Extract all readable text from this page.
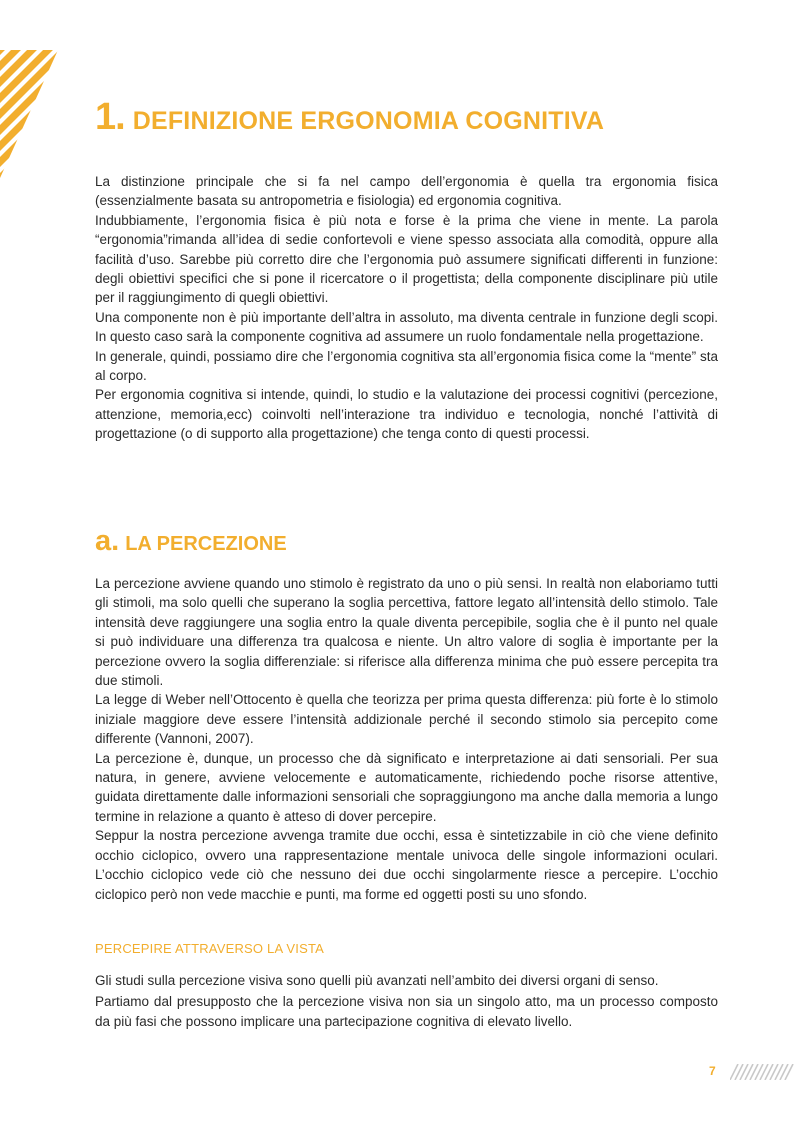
1. DEFINIZIONE ERGONOMIA COGNITIVA

La distinzione principale che si fa nel campo dell’ergonomia è quella tra ergonomia fisica (essenzialmente basata su antropometria e fisiologia) ed ergonomia cognitiva.

Indubbiamente, l’ergonomia fisica è più nota e forse è la prima che viene in mente. La parola “ergonomia”rimanda all’idea di sedie confortevoli e viene spesso associata alla comodità, oppure alla facilità d’uso. Sarebbe più corretto dire che l’ergonomia può assumere significati differenti in funzione: degli obiettivi specifici che si pone il ricercatore o il progettista; della componente disciplinare più utile per il raggiungimento di quegli obiettivi.

Una componente non è più importante dell’altra in assoluto, ma diventa centrale in funzione degli scopi. In questo caso sarà la componente cognitiva ad assumere un ruolo fondamentale nella progettazione.

In generale, quindi, possiamo dire che l’ergonomia cognitiva sta all’ergonomia fisica come la “mente” sta al corpo.

Per ergonomia cognitiva si intende, quindi, lo studio e la valutazione dei processi cognitivi (percezione, attenzione, memoria,ecc) coinvolti nell’interazione tra individuo e tecnologia, nonché l’attività di progettazione (o di supporto alla progettazione) che tenga conto di questi processi.

a. LA PERCEZIONE

La percezione avviene quando uno stimolo è registrato da uno o più sensi. In realtà non elaboriamo tutti gli stimoli, ma solo quelli che superano la soglia percettiva, fattore legato all’intensità dello stimolo. Tale intensità deve raggiungere una soglia entro la quale diventa percepibile, soglia che è il punto nel quale si può individuare una differenza tra qualcosa e niente. Un altro valore di soglia è importante per la percezione ovvero la soglia differenziale: si riferisce alla differenza minima che può essere percepita tra due stimoli.

La legge di Weber nell’Ottocento è quella che teorizza per prima questa differenza: più forte è lo stimolo iniziale maggiore deve essere l’intensità addizionale perché il secondo stimolo sia percepito come differente (Vannoni, 2007).

La percezione è, dunque, un processo che dà significato e interpretazione ai dati sensoriali. Per sua natura, in genere, avviene velocemente e automaticamente, richiedendo poche risorse attentive, guidata direttamente dalle informazioni sensoriali che sopraggiungono ma anche dalla memoria a lungo termine in relazione a quanto è atteso di dover percepire.

Seppur la nostra percezione avvenga tramite due occhi, essa è sintetizzabile in ciò che viene definito occhio ciclopico, ovvero una rappresentazione mentale univoca delle singole informazioni oculari. L’occhio ciclopico vede ciò che nessuno dei due occhi singolarmente riesce a percepire. L’occhio ciclopico però non vede macchie e punti, ma forme ed oggetti posti su uno sfondo.

PERCEPIRE ATTRAVERSO LA VISTA

Gli studi sulla percezione visiva sono quelli più avanzati nell’ambito dei diversi organi di senso.

Partiamo dal presupposto che la percezione visiva non sia un singolo atto, ma un processo composto da più fasi che possono implicare una partecipazione cognitiva di elevato livello.

7
